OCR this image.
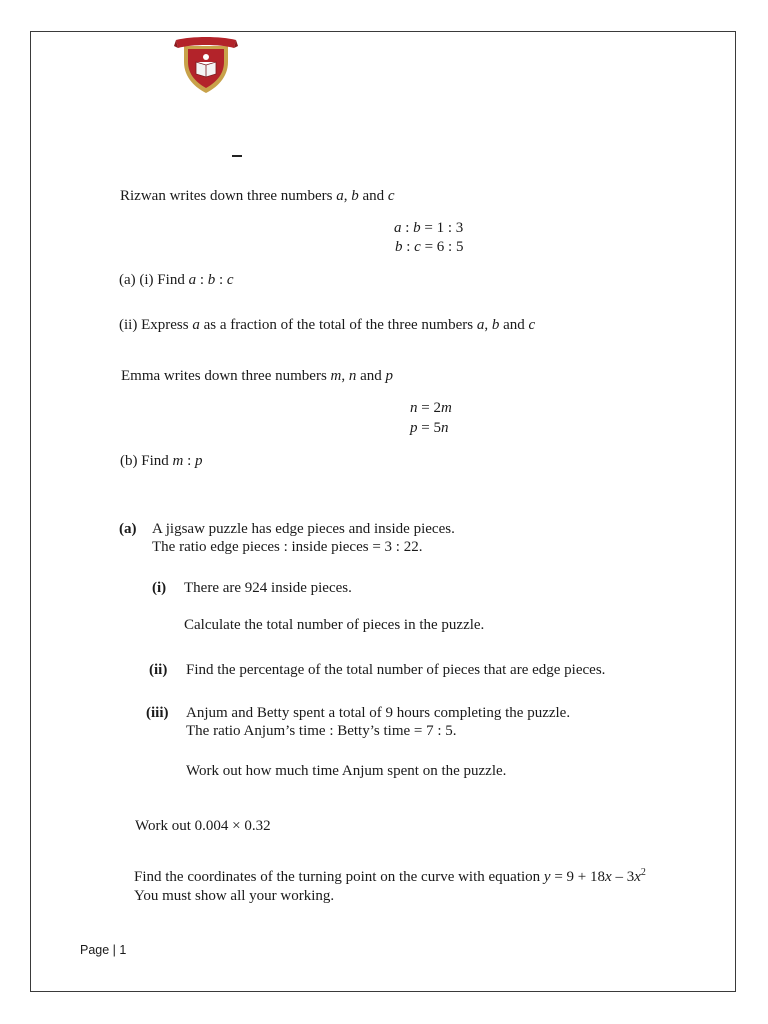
Rizwan writes down three numbers a, b and c
a : b = 1 : 3
b : c = 6 : 5
(a) (i) Find a : b : c
(ii) Express a as a fraction of the total of the three numbers a, b and c
Emma writes down three numbers m, n and p
n = 2m
p = 5n
(b) Find m : p
(a) A jigsaw puzzle has edge pieces and inside pieces.
The ratio edge pieces : inside pieces = 3 : 22.
(i) There are 924 inside pieces.
Calculate the total number of pieces in the puzzle.
(ii) Find the percentage of the total number of pieces that are edge pieces.
(iii) Anjum and Betty spent a total of 9 hours completing the puzzle.
The ratio Anjum’s time : Betty’s time = 7 : 5.
Work out how much time Anjum spent on the puzzle.
Work out 0.004 × 0.32
Find the coordinates of the turning point on the curve with equation $y = 9 + 18x - 3x^2$
You must show all your working.
Page | 1
